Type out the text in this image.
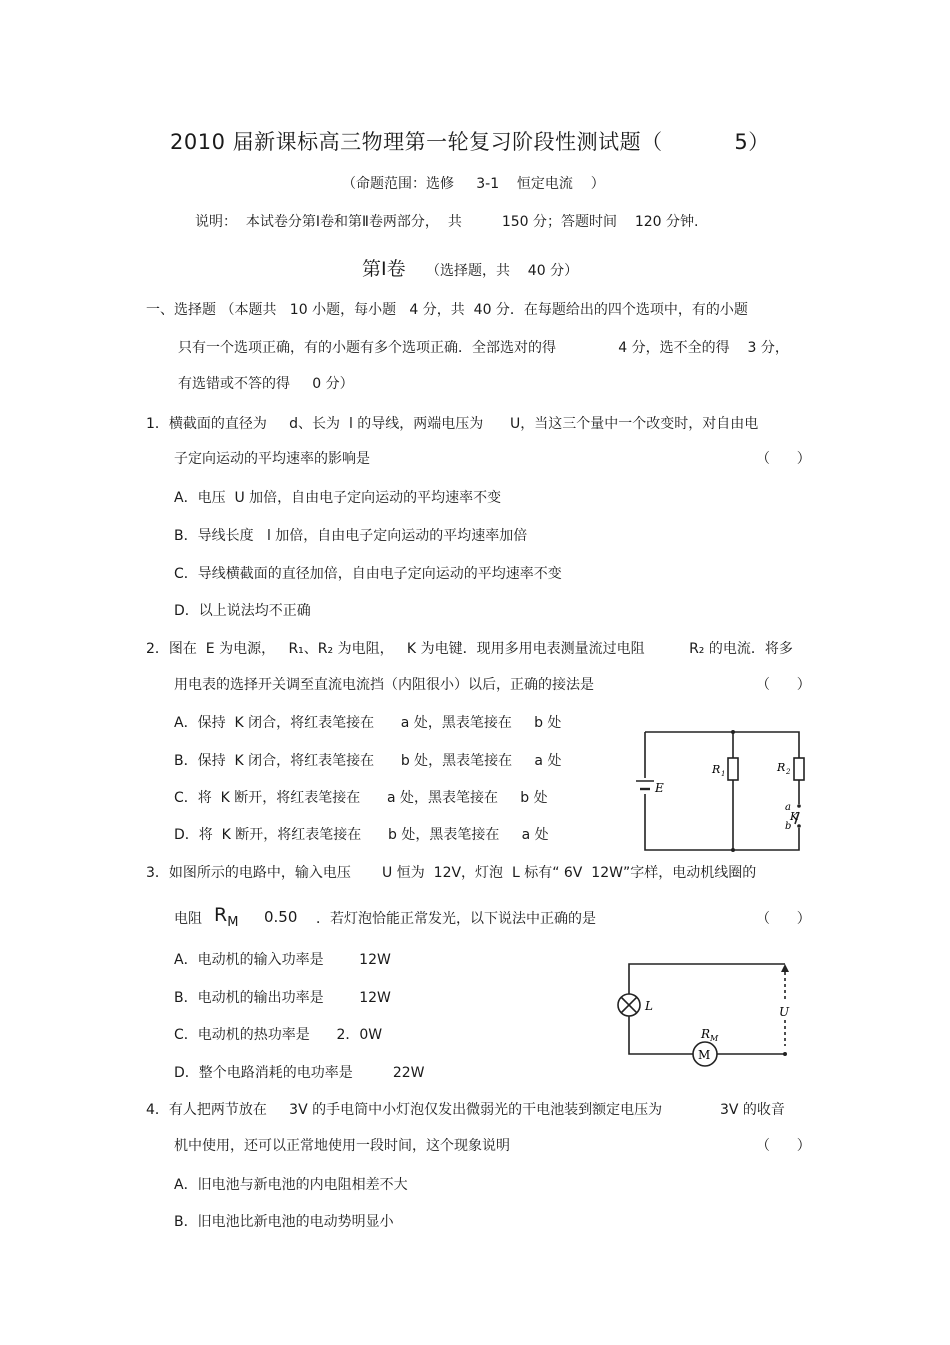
2010 届新课标高三物理第一轮复习阶段性测试题（          5）
（命题范围：选修     3-1    恒定电流    ）
说明：  本试卷分第Ⅰ卷和第Ⅱ卷两部分，  共         150 分；答题时间    120 分钟.
第Ⅰ卷 （选择题，共    40 分）
一、选择题 （本题共   10 小题，每小题   4 分，共  40 分．在每题给出的四个选项中，有的小题
只有一个选项正确，有的小题有多个选项正确．全部选对的得              4 分，选不全的得    3 分，
有选错或不答的得     0 分）
1．横截面的直径为     d、长为  l 的导线，两端电压为      U，当这三个量中一个改变时，对自由电
子定向运动的平均速率的影响是	（      ）
A．电压  U 加倍，自由电子定向运动的平均速率不变
B．导线长度   l 加倍，自由电子定向运动的平均速率加倍
C．导线横截面的直径加倍，自由电子定向运动的平均速率不变
D．以上说法均不正确
2．图在  E 为电源，   R₁、R₂ 为电阻，   K 为电键．现用多用电表测量流过电阻          R₂ 的电流．将多
用电表的选择开关调至直流电流挡（内阻很小）以后，正确的接法是	（      ）
A．保持  K 闭合，将红表笔接在      a 处，黑表笔接在     b 处
B．保持  K 闭合，将红表笔接在      b 处，黑表笔接在     a 处
C．将  K 断开，将红表笔接在      a 处，黑表笔接在     b 处
D．将  K 断开，将红表笔接在      b 处，黑表笔接在     a 处
E
R 1	R 2
a
b
K
3．如图所示的电路中，输入电压       U 恒为  12V，灯泡  L 标有“ 6V  12W”字样，电动机线圈的
电阻 $R_M$ 0.50 ．若灯泡恰能正常发光，以下说法中正确的是	（      ）
A．电动机的输入功率是        12W
B．电动机的输出功率是        12W
C．电动机的热功率是      2．0W
D．整个电路消耗的电功率是         22W
L	U
R M
M
4．有人把两节放在     3V 的手电筒中小灯泡仅发出微弱光的干电池装到额定电压为             3V 的收音
机中使用，还可以正常地使用一段时间，这个现象说明	（      ）
A．旧电池与新电池的内电阻相差不大
B．旧电池比新电池的电动势明显小
